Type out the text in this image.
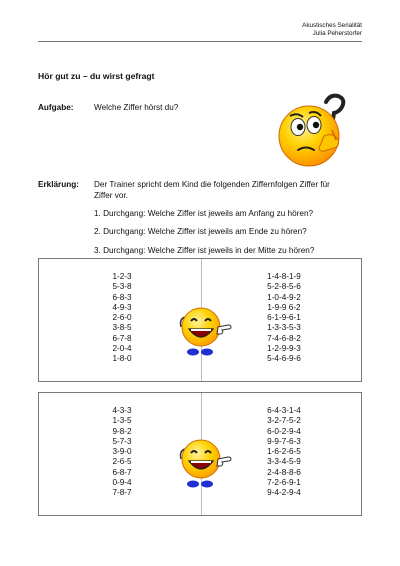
Akustisches Serialität
Julia Peherstorfer
Hör gut zu – du wirst gefragt
Aufgabe:	Welche Ziffer hörst du?
Erklärung: Der Trainer spricht dem Kind die folgenden Ziffernfolgen Ziffer für
Ziffer vor.
1. Durchgang: Welche Ziffer ist jeweils am Anfang zu hören?
2. Durchgang: Welche Ziffer ist jeweils am Ende zu hören?
3. Durchgang: Welche Ziffer ist jeweils in der Mitte zu hören?
1-2-3
5-3-8
6-8-3
4-9-3
2-6-0
3-8-5
6-7-8
2-0-4
1-8-0
1-4-8-1-9
5-2-8-5-6
1-0-4-9-2
1-9-9 6-2
6-1-9-6-1
1-3-3-5-3
7-4-6-8-2
1-2-9-9-3
5-4-6-9-6
4-3-3
1-3-5
9-8-2
5-7-3
3-9-0
2-6-5
6-8-7
0-9-4
7-8-7
6-4-3-1-4
3-2-7-5-2
6-0-2-9-4
9-9-7-6-3
1-6-2-6-5
3-3-4-5-9
2-4-8-8-6
7-2-6-9-1
9-4-2-9-4
